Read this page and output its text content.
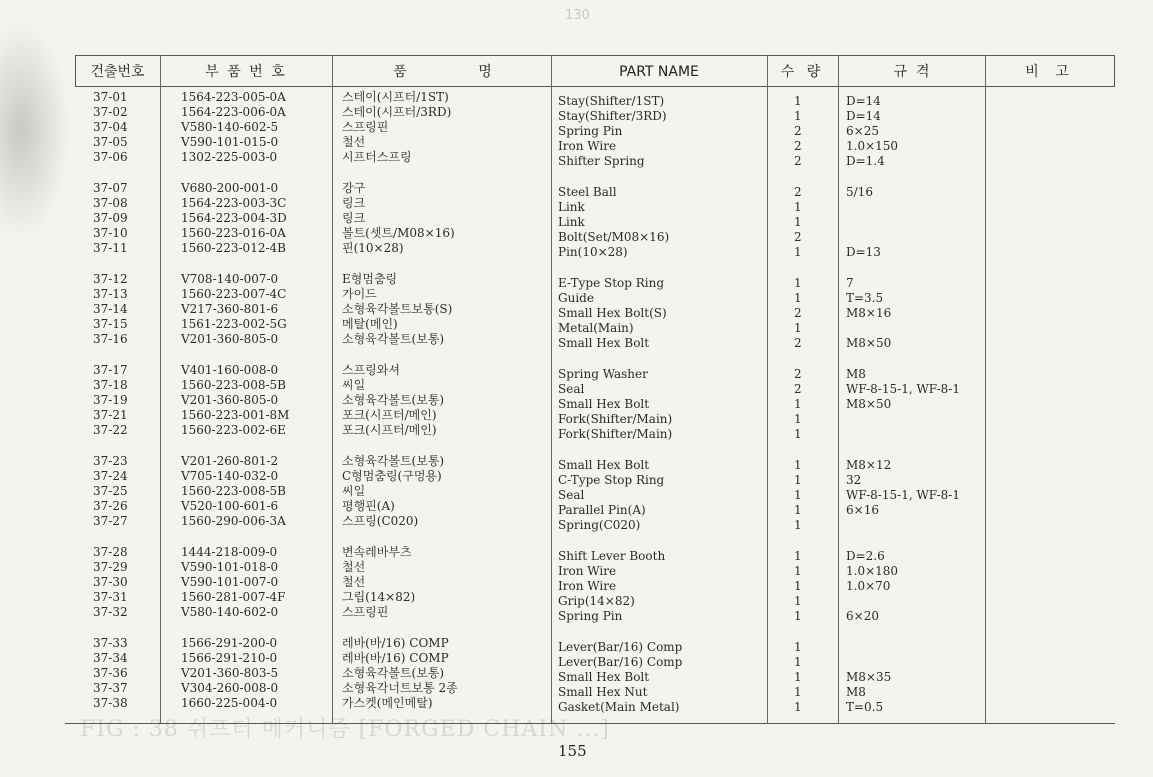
130
FIG : 38 쉬프터 메커니즘 [FORGED CHAIN ...]
건출번호	부 품 번 호	품	명	PART NAME	수 량	규  격	비 고
37-01	1564-223-005-0A	스테이(시프터/1ST)	Stay(Shifter/1ST)	1	D=14
37-02	1564-223-006-0A	스테이(시프터/3RD)	Stay(Shifter/3RD)	1	D=14
37-04	V580-140-602-5	스프링핀	Spring Pin	2	6×25
37-05	V590-101-015-0	철선	Iron Wire	2	1.0×150
37-06	1302-225-003-0	시프터스프링	Shifter Spring	2	D=1.4
37-07	V680-200-001-0	강구	Steel Ball	2	5/16
37-08	1564-223-003-3C	링크	Link	1
37-09	1564-223-004-3D	링크	Link	1
37-10	1560-223-016-0A	볼트(셋트/M08×16)	Bolt(Set/M08×16)	2
37-11	1560-223-012-4B	핀(10×28)	Pin(10×28)	1	D=13
37-12	V708-140-007-0	E형멈춤링	E-Type Stop Ring	1	7
37-13	1560-223-007-4C	가이드	Guide	1	T=3.5
37-14	V217-360-801-6	소형육각볼트보통(S)	Small Hex Bolt(S)	2	M8×16
37-15	1561-223-002-5G	메탈(메인)	Metal(Main)	1
37-16	V201-360-805-0	소형육각볼트(보통)	Small Hex Bolt	2	M8×50
37-17	V401-160-008-0	스프링와셔	Spring Washer	2	M8
37-18	1560-223-008-5B	씨일	Seal	2	WF-8-15-1, WF-8-1
37-19	V201-360-805-0	소형육각볼트(보통)	Small Hex Bolt	1	M8×50
37-21	1560-223-001-8M	포크(시프터/메인)	Fork(Shifter/Main)	1
37-22	1560-223-002-6E	포크(시프터/메인)	Fork(Shifter/Main)	1
37-23	V201-260-801-2	소형육각볼트(보통)	Small Hex Bolt	1	M8×12
37-24	V705-140-032-0	C형멈춤링(구멍용)	C-Type Stop Ring	1	32
37-25	1560-223-008-5B	씨일	Seal	1	WF-8-15-1, WF-8-1
37-26	V520-100-601-6	평행핀(A)	Parallel Pin(A)	1	6×16
37-27	1560-290-006-3A	스프링(C020)	Spring(C020)	1
37-28	1444-218-009-0	변속레바부츠	Shift Lever Booth	1	D=2.6
37-29	V590-101-018-0	철선	Iron Wire	1	1.0×180
37-30	V590-101-007-0	철선	Iron Wire	1	1.0×70
37-31	1560-281-007-4F	그립(14×82)	Grip(14×82)	1
37-32	V580-140-602-0	스프링핀	Spring Pin	1	6×20
37-33	1566-291-200-0	레바(바/16) COMP	Lever(Bar/16) Comp	1
37-34	1566-291-210-0	레바(바/16) COMP	Lever(Bar/16) Comp	1
37-36	V201-360-803-5	소형육각볼트(보통)	Small Hex Bolt	1	M8×35
37-37	V304-260-008-0	소형육각너트보통 2종	Small Hex Nut	1	M8
37-38	1660-225-004-0	가스켓(메인메탈)	Gasket(Main Metal)	1	T=0.5
155
